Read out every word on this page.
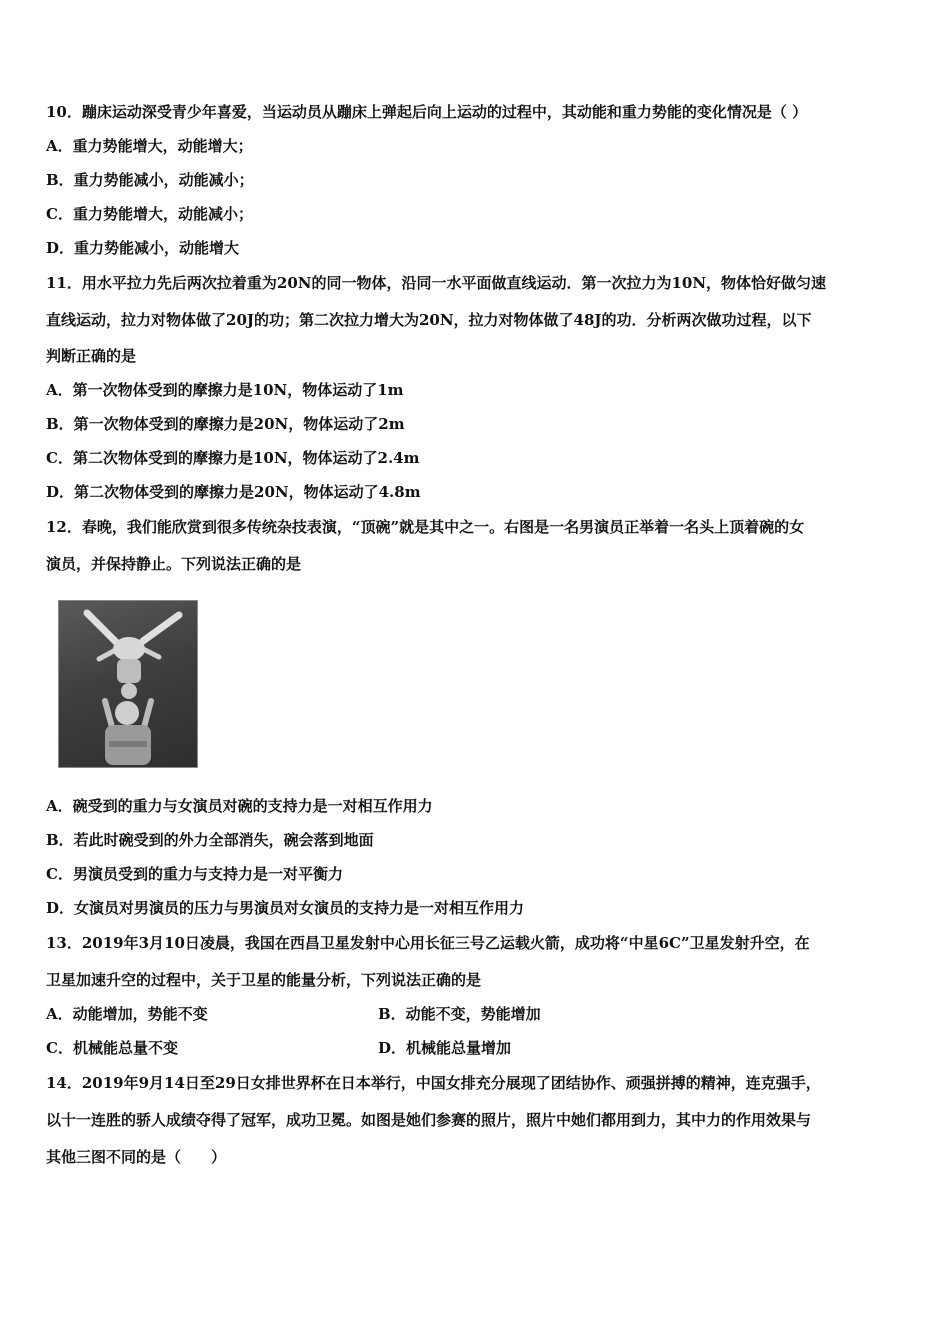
10．蹦床运动深受青少年喜爱，当运动员从蹦床上弹起后向上运动的过程中，其动能和重力势能的变化情况是（ ）
A．重力势能增大，动能增大；
B．重力势能减小，动能减小；
C．重力势能增大，动能减小；
D．重力势能减小，动能增大
11．用水平拉力先后两次拉着重为20N的同一物体，沿同一水平面做直线运动．第一次拉力为10N，物体恰好做匀速
直线运动，拉力对物体做了20J的功；第二次拉力增大为20N，拉力对物体做了48J的功．分析两次做功过程，以下
判断正确的是
A．第一次物体受到的摩擦力是10N，物体运动了1m
B．第一次物体受到的摩擦力是20N，物体运动了2m
C．第二次物体受到的摩擦力是10N，物体运动了2.4m
D．第二次物体受到的摩擦力是20N，物体运动了4.8m
12．春晚，我们能欣赏到很多传统杂技表演，“顶碗”就是其中之一。右图是一名男演员正举着一名头上顶着碗的女
演员，并保持静止。下列说法正确的是
A．碗受到的重力与女演员对碗的支持力是一对相互作用力
B．若此时碗受到的外力全部消失，碗会落到地面
C．男演员受到的重力与支持力是一对平衡力
D．女演员对男演员的压力与男演员对女演员的支持力是一对相互作用力
13．2019年3月10日凌晨，我国在西昌卫星发射中心用长征三号乙运载火箭，成功将“中星6C”卫星发射升空，在
卫星加速升空的过程中，关于卫星的能量分析，下列说法正确的是
A．动能增加，势能不变	B．动能不变，势能增加
C．机械能总量不变	D．机械能总量增加
14．2019年9月14日至29日女排世界杯在日本举行，中国女排充分展现了团结协作、顽强拼搏的精神，连克强手，
以十一连胜的骄人成绩夺得了冠军，成功卫冕。如图是她们参赛的照片，照片中她们都用到力，其中力的作用效果与
其他三图不同的是（　　）
